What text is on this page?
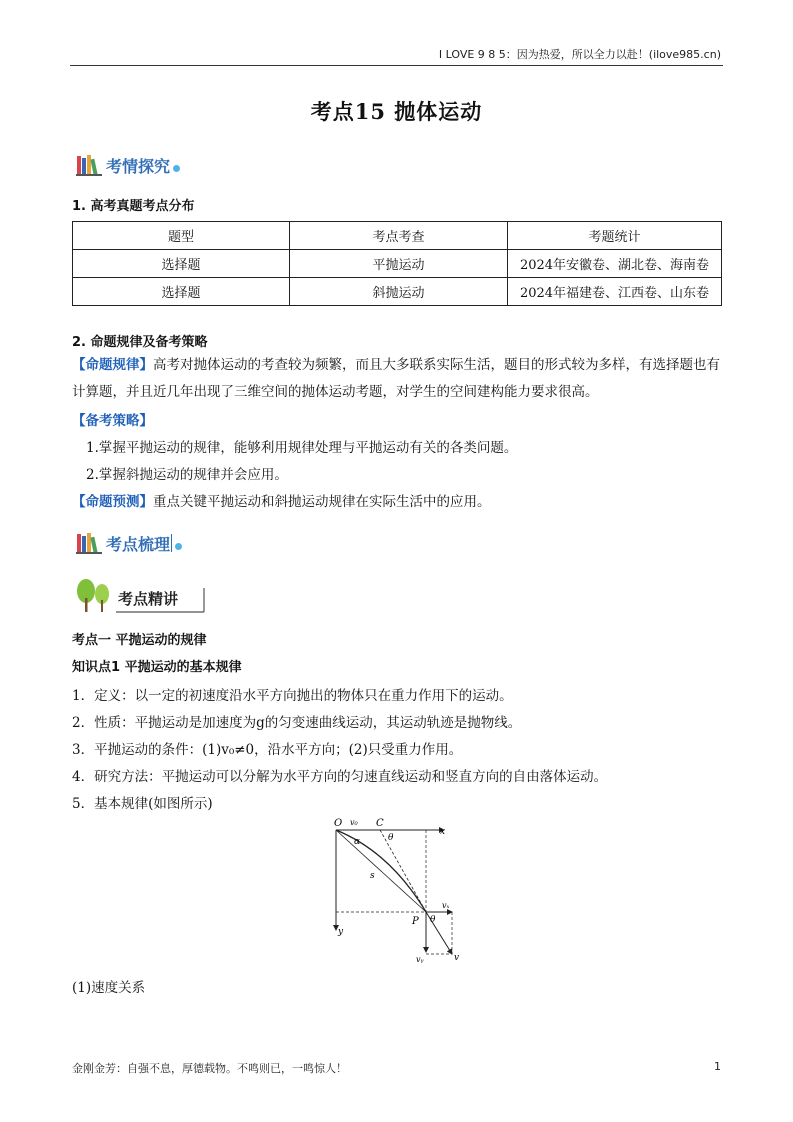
I LOVE 9 8 5：因为热爱，所以全力以赴！(ilove985.cn)
考点15 抛体运动
考情探究
1. 高考真题考点分布
题型	考点考查	考题统计
选择题	平抛运动	2024年安徽卷、湖北卷、海南卷
选择题	斜抛运动	2024年福建卷、江西卷、山东卷
2. 命题规律及备考策略
【命题规律】高考对抛体运动的考查较为频繁，而且大多联系实际生活，题目的形式较为多样，有选择题也有计算题，并且近几年出现了三维空间的抛体运动考题，对学生的空间建构能力要求很高。
【备考策略】
1.掌握平抛运动的规律，能够利用规律处理与平抛运动有关的各类问题。
2.掌握斜抛运动的规律并会应用。
【命题预测】重点关键平抛运动和斜抛运动规律在实际生活中的应用。
考点梳理
考点精讲
考点一 平抛运动的规律
知识点1 平抛运动的基本规律
1．定义：以一定的初速度沿水平方向抛出的物体只在重力作用下的运动。
2．性质：平抛运动是加速度为g的匀变速曲线运动，其运动轨迹是抛物线。
3．平抛运动的条件：(1)v₀≠0，沿水平方向；(2)只受重力作用。
4．研究方法：平抛运动可以分解为水平方向的匀速直线运动和竖直方向的自由落体运动。
5．基本规律(如图所示)
O v₀ C
θ
α
x
s
vₓ
P θ
y
vᵧ	v
(1)速度关系
金刚金芳：自强不息，厚德载物。不鸣则已，一鸣惊人！	1
